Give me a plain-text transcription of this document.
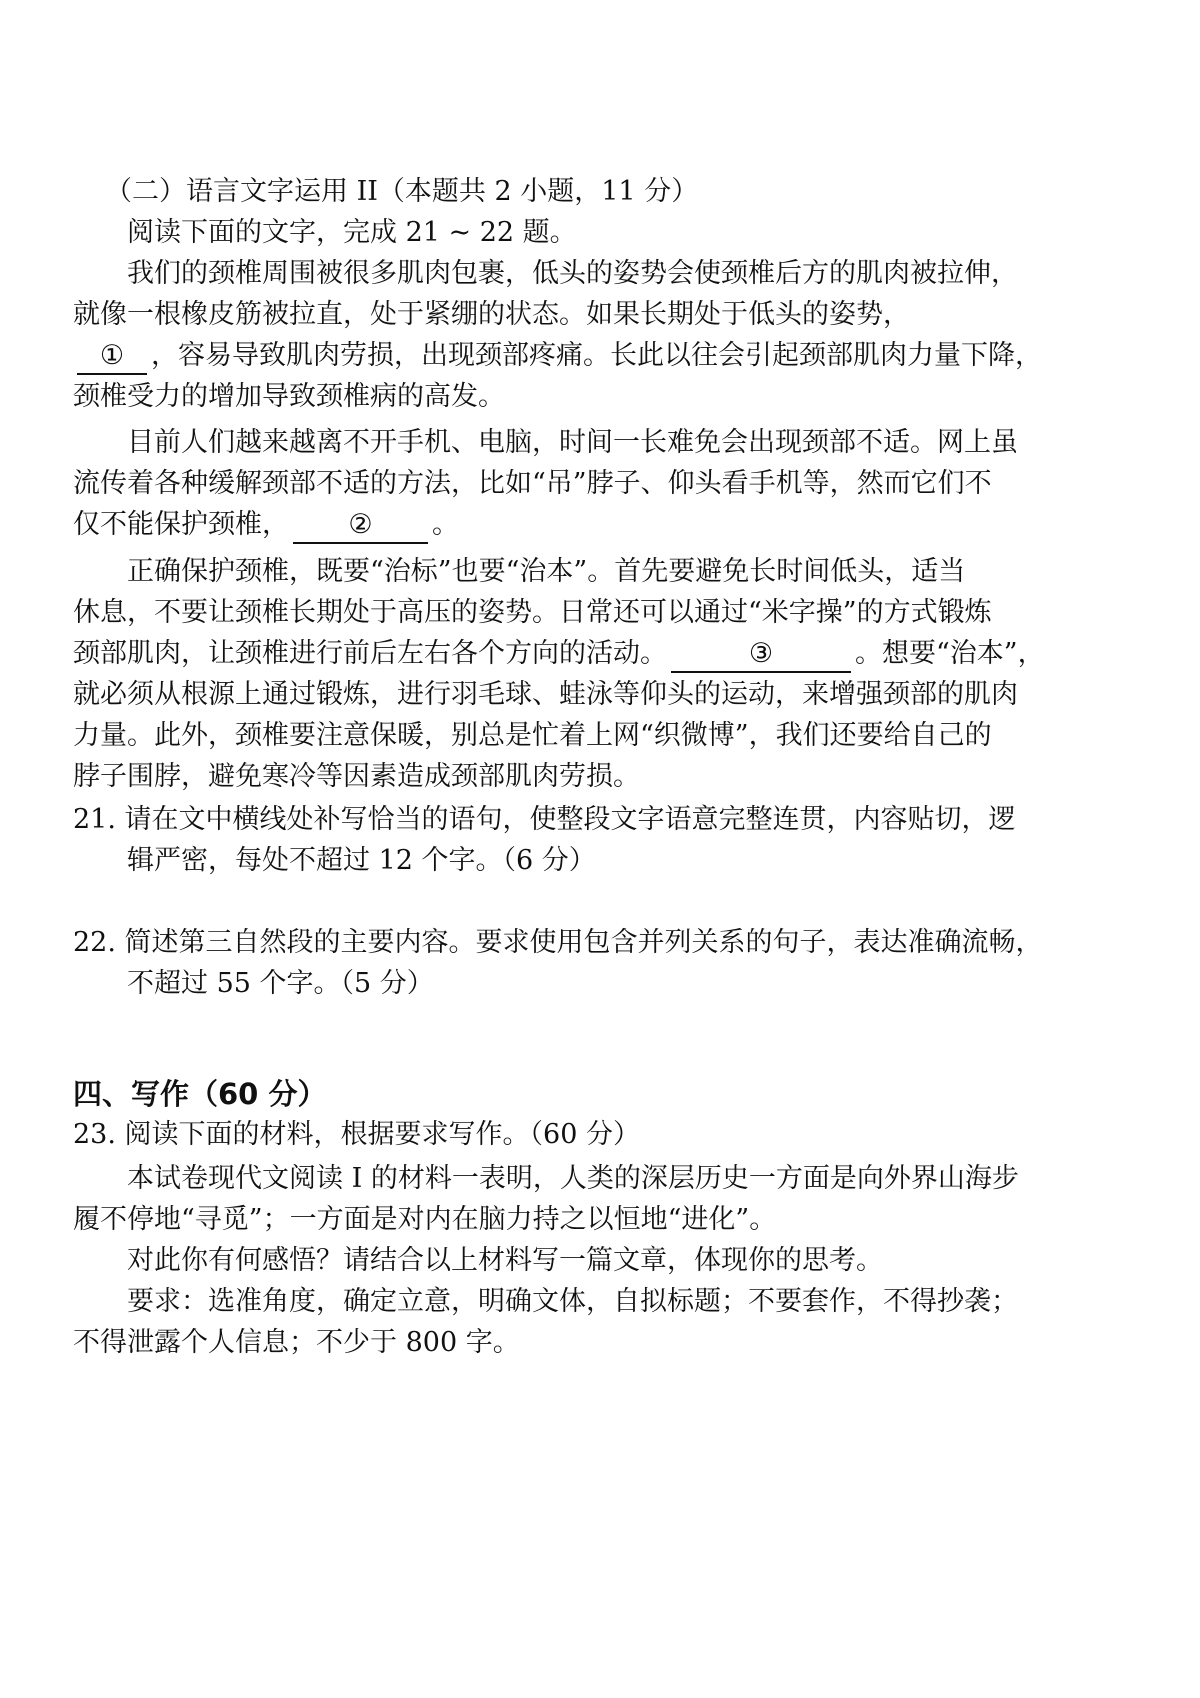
（二）语言文字运用 II（本题共 2 小题，11 分）
阅读下面的文字，完成 21 ~ 22 题。
我们的颈椎周围被很多肌肉包裹，低头的姿势会使颈椎后方的肌肉被拉伸，
就像一根橡皮筋被拉直，处于紧绷的状态。如果长期处于低头的姿势，
① ，容易导致肌肉劳损，出现颈部疼痛。长此以往会引起颈部肌肉力量下降，
颈椎受力的增加导致颈椎病的高发。
目前人们越来越离不开手机、电脑，时间一长难免会出现颈部不适。网上虽
流传着各种缓解颈部不适的方法，比如“吊”脖子、仰头看手机等，然而它们不
仅不能保护颈椎， ② 。
正确保护颈椎，既要“治标”也要“治本”。首先要避免长时间低头，适当
休息，不要让颈椎长期处于高压的姿势。日常还可以通过“米字操”的方式锻炼
颈部肌肉，让颈椎进行前后左右各个方向的活动。	③	。想要“治本”，
就必须从根源上通过锻炼，进行羽毛球、蛙泳等仰头的运动，来增强颈部的肌肉
力量。此外，颈椎要注意保暖，别总是忙着上网“织微博”，我们还要给自己的
脖子围脖，避免寒冷等因素造成颈部肌肉劳损。
21. 请在文中横线处补写恰当的语句，使整段文字语意完整连贯，内容贴切，逻
辑严密，每处不超过 12 个字。（6 分）
22. 简述第三自然段的主要内容。要求使用包含并列关系的句子，表达准确流畅，
不超过 55 个字。（5 分）
四、写作（60 分）
23. 阅读下面的材料，根据要求写作。（60 分）
本试卷现代文阅读 I 的材料一表明，人类的深层历史一方面是向外界山海步
履不停地“寻觅”；一方面是对内在脑力持之以恒地“进化”。
对此你有何感悟？请结合以上材料写一篇文章，体现你的思考。
要求：选准角度，确定立意，明确文体，自拟标题；不要套作，不得抄袭；
不得泄露个人信息；不少于 800 字。
